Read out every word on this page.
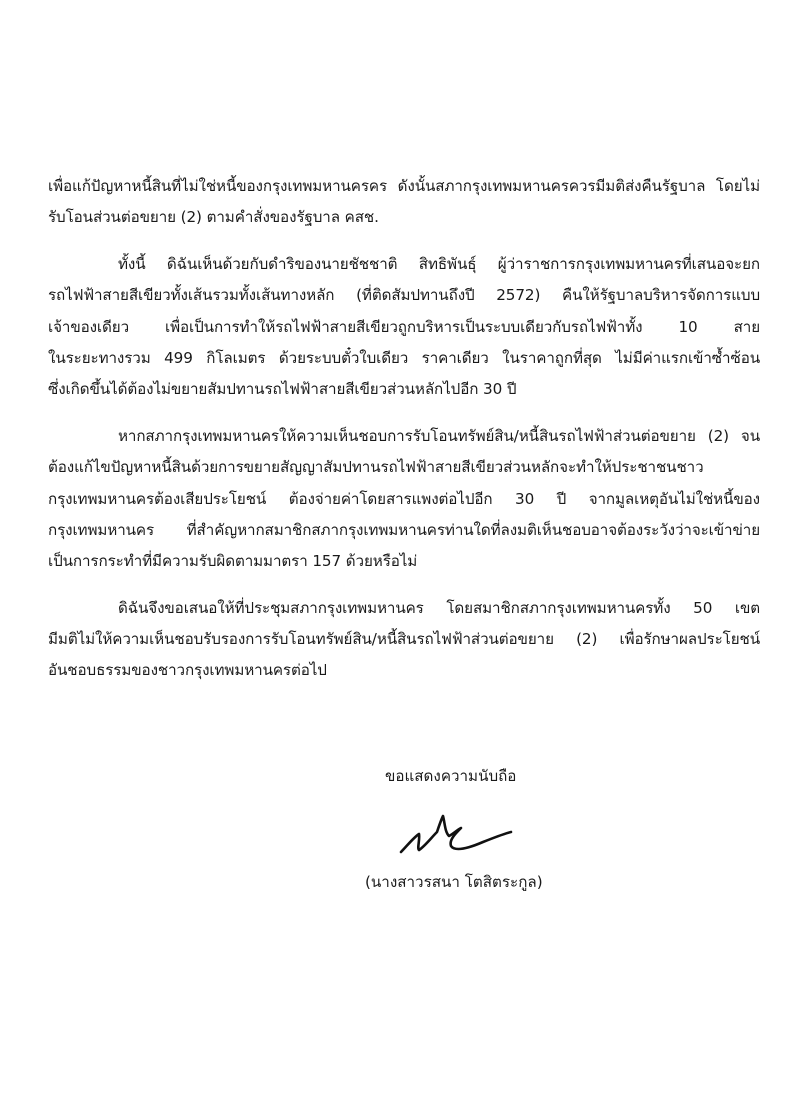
เพื่อแก้ปัญหาหนี้สินที่ไม่ใช่หนี้ของกรุงเทพมหานครคร ดังนั้นสภากรุงเทพมหานครควรมีมติส่งคืนรัฐบาล โดยไม่
รับโอนส่วนต่อขยาย (2) ตามคำสั่งของรัฐบาล คสช.
ทั้งนี้ ดิฉันเห็นด้วยกับดำริของนายชัชชาติ สิทธิพันธุ์ ผู้ว่าราชการกรุงเทพมหานครที่เสนอจะยก
รถไฟฟ้าสายสีเขียวทั้งเส้นรวมทั้งเส้นทางหลัก (ที่ติดสัมปทานถึงปี 2572) คืนให้รัฐบาลบริหารจัดการแบบ
เจ้าของเดียว เพื่อเป็นการทำให้รถไฟฟ้าสายสีเขียวถูกบริหารเป็นระบบเดียวกับรถไฟฟ้าทั้ง 10 สาย
ในระยะทางรวม 499 กิโลเมตร ด้วยระบบตั๋วใบเดียว ราคาเดียว ในราคาถูกที่สุด ไม่มีค่าแรกเข้าซ้ำซ้อน
ซึ่งเกิดขึ้นได้ต้องไม่ขยายสัมปทานรถไฟฟ้าสายสีเขียวส่วนหลักไปอีก 30 ปี
หากสภากรุงเทพมหานครให้ความเห็นชอบการรับโอนทรัพย์สิน/หนี้สินรถไฟฟ้าส่วนต่อขยาย (2) จน
ต้องแก้ไขปัญหาหนี้สินด้วยการขยายสัญญาสัมปทานรถไฟฟ้าสายสีเขียวส่วนหลักจะทำให้ประชาชนชาว
กรุงเทพมหานครต้องเสียประโยชน์ ต้องจ่ายค่าโดยสารแพงต่อไปอีก 30 ปี จากมูลเหตุอันไม่ใช่หนี้ของ
กรุงเทพมหานคร ที่สำคัญหากสมาชิกสภากรุงเทพมหานครท่านใดที่ลงมติเห็นชอบอาจต้องระวังว่าจะเข้าข่าย
เป็นการกระทำที่มีความรับผิดตามมาตรา 157 ด้วยหรือไม่
ดิฉันจึงขอเสนอให้ที่ประชุมสภากรุงเทพมหานคร โดยสมาชิกสภากรุงเทพมหานครทั้ง 50 เขต
มีมติไม่ให้ความเห็นชอบรับรองการรับโอนทรัพย์สิน/หนี้สินรถไฟฟ้าส่วนต่อขยาย (2) เพื่อรักษาผลประโยชน์
อันชอบธรรมของชาวกรุงเทพมหานครต่อไป
ขอแสดงความนับถือ
(นางสาวรสนา โตสิตระกูล)
